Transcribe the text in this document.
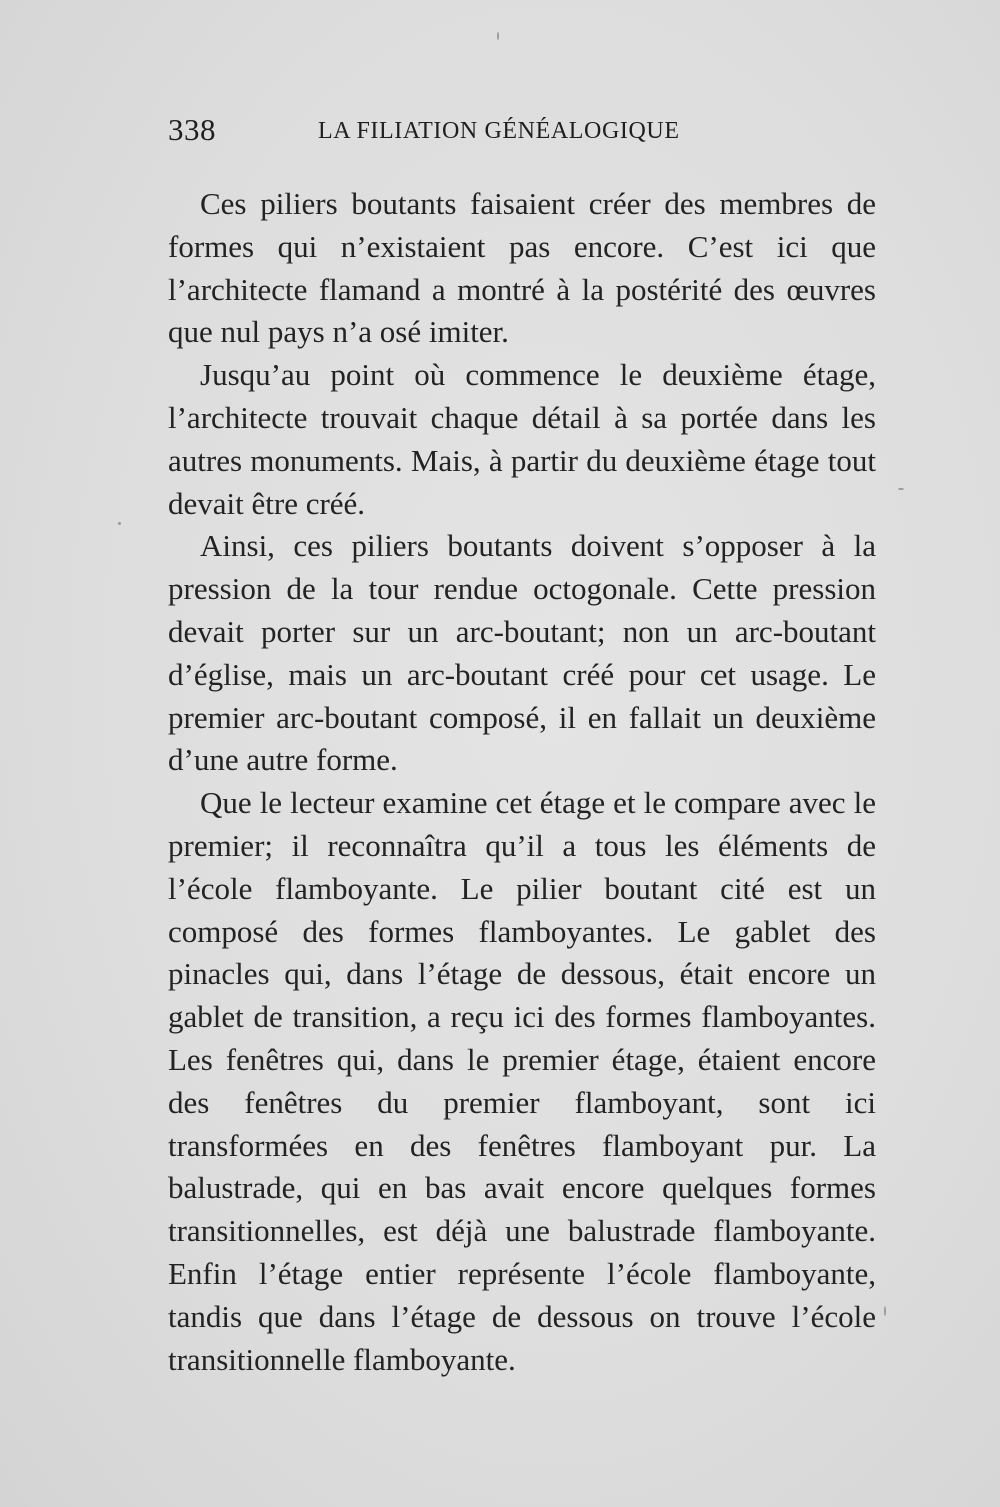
338	LA FILIATION GÉNÉALOGIQUE

Ces piliers boutants faisaient créer des membres de formes qui n’existaient pas encore. C’est ici que l’architecte flamand a montré à la postérité des œuvres que nul pays n’a osé imiter.

Jusqu’au point où commence le deuxième étage, l’architecte trouvait chaque détail à sa portée dans les autres monuments. Mais, à partir du deuxième étage tout devait être créé.

Ainsi, ces piliers boutants doivent s’opposer à la pression de la tour rendue octogonale. Cette pression devait porter sur un arc-boutant; non un arc-boutant d’église, mais un arc-boutant créé pour cet usage. Le premier arc-boutant composé, il en fallait un deuxième d’une autre forme.

Que le lecteur examine cet étage et le compare avec le premier; il reconnaîtra qu’il a tous les éléments de l’école flamboyante. Le pilier boutant cité est un composé des formes flamboyantes. Le gablet des pinacles qui, dans l’étage de dessous, était encore un gablet de transition, a reçu ici des formes flamboyantes. Les fenêtres qui, dans le premier étage, étaient encore des fenêtres du premier flamboyant, sont ici transformées en des fenêtres flamboyant pur. La balustrade, qui en bas avait encore quelques formes transitionnelles, est déjà une balustrade flamboyante. Enfin l’étage entier représente l’école flamboyante, tandis que dans l’étage de dessous on trouve l’école transitionnelle flamboyante.
